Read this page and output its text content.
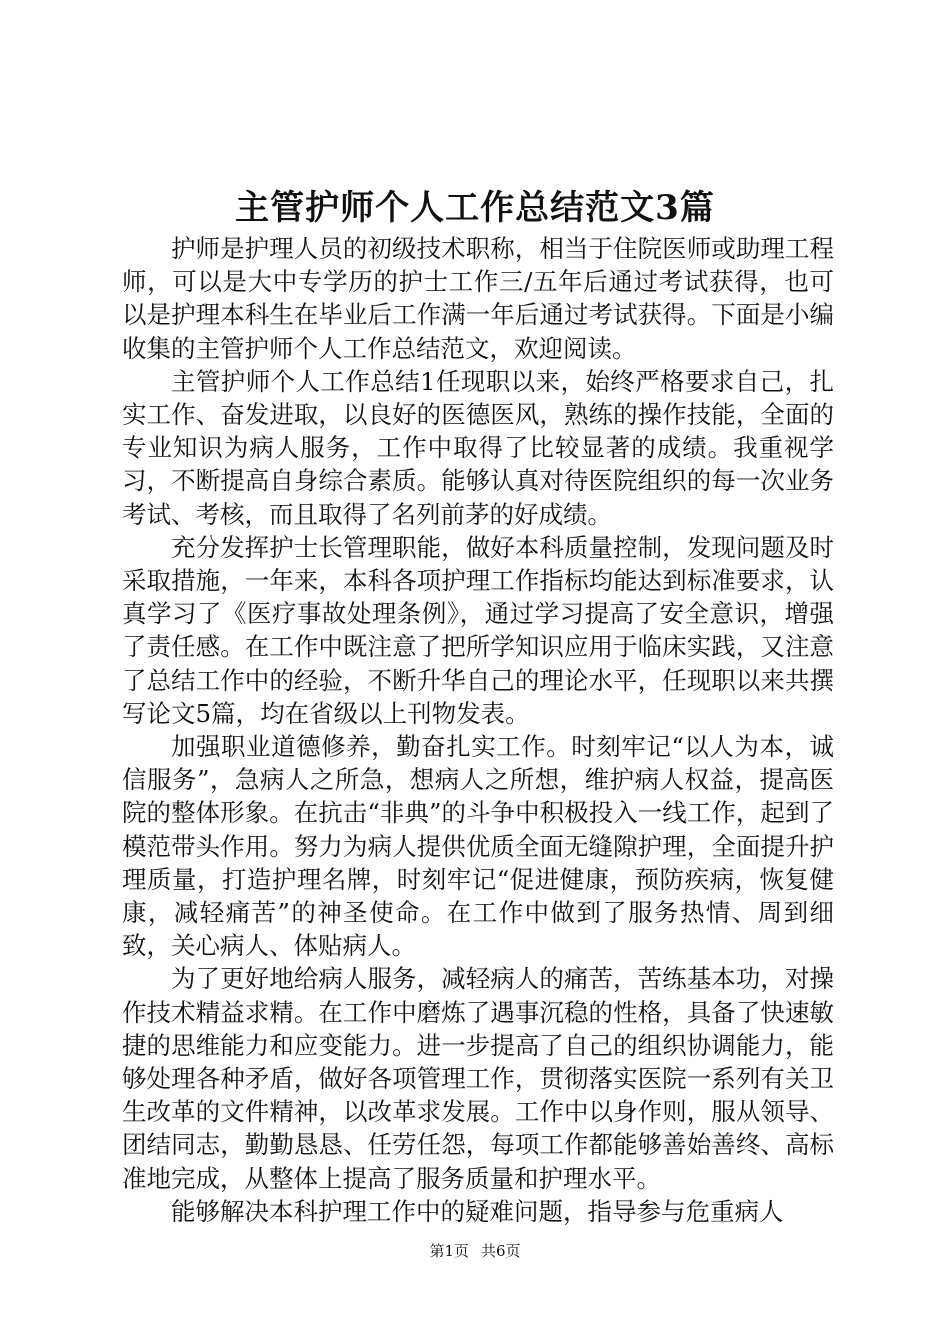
主管护师个人工作总结范文3篇

护师是护理人员的初级技术职称，相当于住院医师或助理工程师，可以是大中专学历的护士工作三/五年后通过考试获得，也可以是护理本科生在毕业后工作满一年后通过考试获得。下面是小编收集的主管护师个人工作总结范文，欢迎阅读。

主管护师个人工作总结1任现职以来，始终严格要求自己，扎实工作、奋发进取，以良好的医德医风，熟练的操作技能，全面的专业知识为病人服务，工作中取得了比较显著的成绩。我重视学习，不断提高自身综合素质。能够认真对待医院组织的每一次业务考试、考核，而且取得了名列前茅的好成绩。

充分发挥护士长管理职能，做好本科质量控制，发现问题及时采取措施，一年来，本科各项护理工作指标均能达到标准要求，认真学习了《医疗事故处理条例》，通过学习提高了安全意识，增强了责任感。在工作中既注意了把所学知识应用于临床实践，又注意了总结工作中的经验，不断升华自己的理论水平，任现职以来共撰写论文5篇，均在省级以上刊物发表。

加强职业道德修养，勤奋扎实工作。时刻牢记“以人为本，诚信服务”，急病人之所急，想病人之所想，维护病人权益，提高医院的整体形象。在抗击“非典”的斗争中积极投入一线工作，起到了模范带头作用。努力为病人提供优质全面无缝隙护理，全面提升护理质量，打造护理名牌，时刻牢记“促进健康，预防疾病，恢复健康，减轻痛苦”的神圣使命。在工作中做到了服务热情、周到细致，关心病人、体贴病人。

为了更好地给病人服务，减轻病人的痛苦，苦练基本功，对操作技术精益求精。在工作中磨炼了遇事沉稳的性格，具备了快速敏捷的思维能力和应变能力。进一步提高了自己的组织协调能力，能够处理各种矛盾，做好各项管理工作，贯彻落实医院一系列有关卫生改革的文件精神，以改革求发展。工作中以身作则，服从领导、团结同志，勤勤恳恳、任劳任怨，每项工作都能够善始善终、高标准地完成，从整体上提高了服务质量和护理水平。

能够解决本科护理工作中的疑难问题，指导参与危重病人

第1页 共6页
